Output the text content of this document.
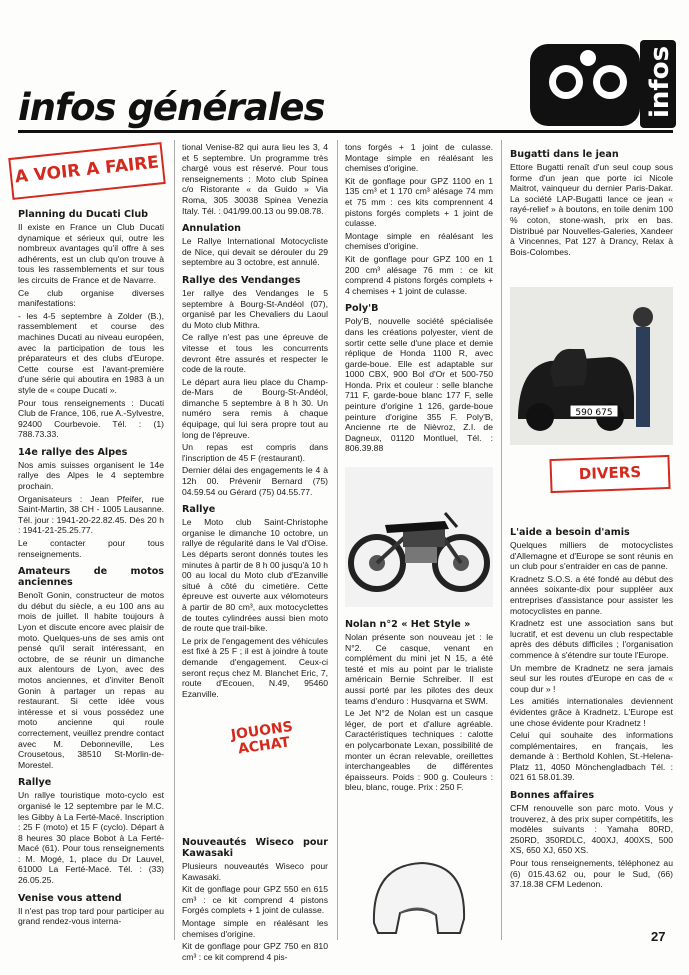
infos générales	infos
A VOIR A FAIRE
JOUONS ACHAT
DIVERS
Planning du Ducati Club

Il existe en France un Club Ducati dynamique et sérieux qui, outre les nombreux avantages qu'il offre à ses adhérents, est un club qu'on trouve à tous les rassemblements et sur tous les circuits de France et de Navarre.

Ce club organise diverses manifestations:

- les 4-5 septembre à Zolder (B.), rassemblement et course des machines Ducati au niveau européen, avec la participation de tous les préparateurs et des clubs d'Europe. Cette course est l'avant-première d'une série qui aboutira en 1983 à un style de « coupe Ducati ».

Pour tous renseignements : Ducati Club de France, 106, rue A.-Sylvestre, 92400 Courbevoie. Tél. : (1) 788.73.33.

14e rallye des Alpes

Nos amis suisses organisent le 14e rallye des Alpes le 4 septembre prochain.

Organisateurs : Jean Pfeifer, rue Saint-Martin, 38 CH - 1005 Lausanne. Tél. jour : 1941-20-22.82.45. Dès 20 h : 1941-21-25.25.77.

Le contacter pour tous renseignements.

Amateurs de motos anciennes

Benoît Gonin, constructeur de motos du début du siècle, a eu 100 ans au mois de juillet. Il habite toujours à Lyon et discute encore avec plaisir de moto. Quelques-uns de ses amis ont pensé qu'il serait intéressant, en octobre, de se réunir un dimanche aux alentours de Lyon, avec des motos anciennes, et d'inviter Benoît Gonin à partager un repas au restaurant. Si cette idée vous intéresse et si vous possédez une moto ancienne qui roule correctement, veuillez prendre contact avec M. Debonneville, Les Crousetous, 38510 St-Morlin-de-Morestel.

Rallye

Un rallye touristique moto-cyclo est organisé le 12 septembre par le M.C. les Gibby à La Ferté-Macé. Inscription : 25 F (moto) et 15 F (cyclo). Départ à 8 heures 30 place Bobot à La Ferté-Macé (61). Pour tous renseignements : M. Mogé, 1, place du Dr Lauvel, 61000 La Ferté-Macé. Tél. : (33) 26.05.25.

Venise vous attend

Il n'est pas trop tard pour participer au grand rendez-vous interna-

tional Venise-82 qui aura lieu les 3, 4 et 5 septembre. Un programme très chargé vous est réservé. Pour tous renseignements : Moto club Spinea c/o Ristorante « da Guido » Via Roma, 305 30038 Spinea Venezia Italy. Tél. : 041/99.00.13 ou 99.08.78.

Annulation

Le Rallye International Motocycliste de Nice, qui devait se dérouler du 29 septembre au 3 octobre, est annulé.

Rallye des Vendanges

1er rallye des Vendanges le 5 septembre à Bourg-St-Andéol (07), organisé par les Chevaliers du Laoul du Moto club Mithra.

Ce rallye n'est pas une épreuve de vitesse et tous les concurrents devront être assurés et respecter le code de la route.

Le départ aura lieu place du Champ-de-Mars de Bourg-St-Andéol, dimanche 5 septembre à 8 h 30. Un numéro sera remis à chaque équipage, qui lui sera propre tout au long de l'épreuve.

Un repas est compris dans l'inscription de 45 F (restaurant).

Dernier délai des engagements le 4 à 12h 00. Prévenir Bernard (75) 04.59.54 ou Gérard (75) 04.55.77.

Rallye

Le Moto club Saint-Christophe organise le dimanche 10 octobre, un rallye de régularité dans le Val d'Oise. Les départs seront donnés toutes les minutes à partir de 8 h 00 jusqu'à 10 h 00 au local du Moto club d'Ezanville situé à côté du cimetière. Cette épreuve est ouverte aux vélomoteurs à partir de 80 cm³, aux motocyclettes de toutes cylindrées aussi bien moto de route que trail-bike.

Le prix de l'engagement des véhicules est fixé à 25 F ; il est à joindre à toute demande d'engagement. Ceux-ci seront reçus chez M. Blanchet Eric, 7, route d'Ecouen, N.49, 95460 Ezanville.

Nouveautés Wiseco pour Kawasaki

Plusieurs nouveautés Wiseco pour Kawasaki.

Kit de gonflage pour GPZ 550 en 615 cm³ : ce kit comprend 4 pistons Forgés complets + 1 joint de culasse.

Montage simple en réalésant les chemises d'origine.

Kit de gonflage pour GPZ 750 en 810 cm³ : ce kit comprend 4 pis-

tons forgés + 1 joint de culasse. Montage simple en réalésant les chemises d'origine.

Kit de gonflage pour GPZ 1100 en 1 135 cm³ et 1 170 cm³ alésage 74 mm et 75 mm : ces kits comprennent 4 pistons forgés complets + 1 joint de culasse.

Montage simple en réalésant les chemises d'origine.

Kit de gonflage pour GPZ 100 en 1 200 cm³ alésage 76 mm : ce kit comprend 4 pistons forgés complets + 4 chemises + 1 joint de culasse.

Poly'B

Poly'B, nouvelle société spécialisée dans les créations polyester, vient de sortir cette selle d'une place et demie réplique de Honda 1100 R, avec garde-boue. Elle est adaptable sur 1000 CBX, 900 Bol d'Or et 500-750 Honda. Prix et couleur : selle blanche 711 F, garde-boue blanc 177 F, selle peinture d'origine 1 126, garde-boue peinture d'origine 355 F. Poly'B, Ancienne rte de Nièvroz, Z.I. de Dagneux, 01120 Montluel, Tél. : 806.39.88

Nolan n°2 « Het Style »

Nolan présente son nouveau jet : le N°2. Ce casque, venant en complément du mini jet N 15, a été testé et mis au point par le trialiste américain Bernie Schreiber. Il est aussi porté par les pilotes des deux teams d'enduro : Husqvarna et SWM.

Le Jet N°2 de Nolan est un casque léger, de port et d'allure agréable. Caractéristiques techniques : calotte en polycarbonate Lexan, possibilité de monter un écran relevable, oreillettes interchangeables de différentes épaisseurs. Poids : 900 g. Couleurs : bleu, blanc, rouge. Prix : 250 F.

Bugatti dans le jean

Ettore Bugatti renaît d'un seul coup sous forme d'un jean que porte ici Nicole Maitrot, vainqueur du dernier Paris-Dakar. La société LAP-Bugatti lance ce jean « rayé-relief » à boutons, en toile denim 100 % coton, stone-wash, prix en bas. Distribué par Nouvelles-Galeries, Xandeer à Vincennes, Pat 127 à Drancy, Relax à Bois-Colombes.

590 675
L'aide a besoin d'amis

Quelques milliers de motocyclistes d'Allemagne et d'Europe se sont réunis en un club pour s'entraider en cas de panne.

Kradnetz S.O.S. a été fondé au début des années soixante-dix pour suppléer aux entreprises d'assistance pour assister les motocyclistes en panne.

Kradnetz est une association sans but lucratif, et est devenu un club respectable après des débuts difficiles ; l'organisation commence à s'étendre sur toute l'Europe.

Un membre de Kradnetz ne sera jamais seul sur les routes d'Europe en cas de « coup dur » !

Les amitiés internationales deviennent évidentes grâce à Kradnetz. L'Europe est une chose évidente pour Kradnetz !

Celui qui souhaite des informations complémentaires, en français, les demande à : Berthold Kohlen, St.-Helena-Platz 11, 4050 Mönchengladbach Tél. : 021 61 58.01.39.

Bonnes affaires

CFM renouvelle son parc moto. Vous y trouverez, à des prix super compétitifs, les modèles suivants : Yamaha 80RD, 250RD, 350RDLC, 400XJ, 400XS, 500 XS, 650 XJ, 650 XS.

Pour tous renseignements, téléphonez au (6) 015.43.62 ou, pour le Sud, (66) 37.18.38 CFM Ledenon.

27
